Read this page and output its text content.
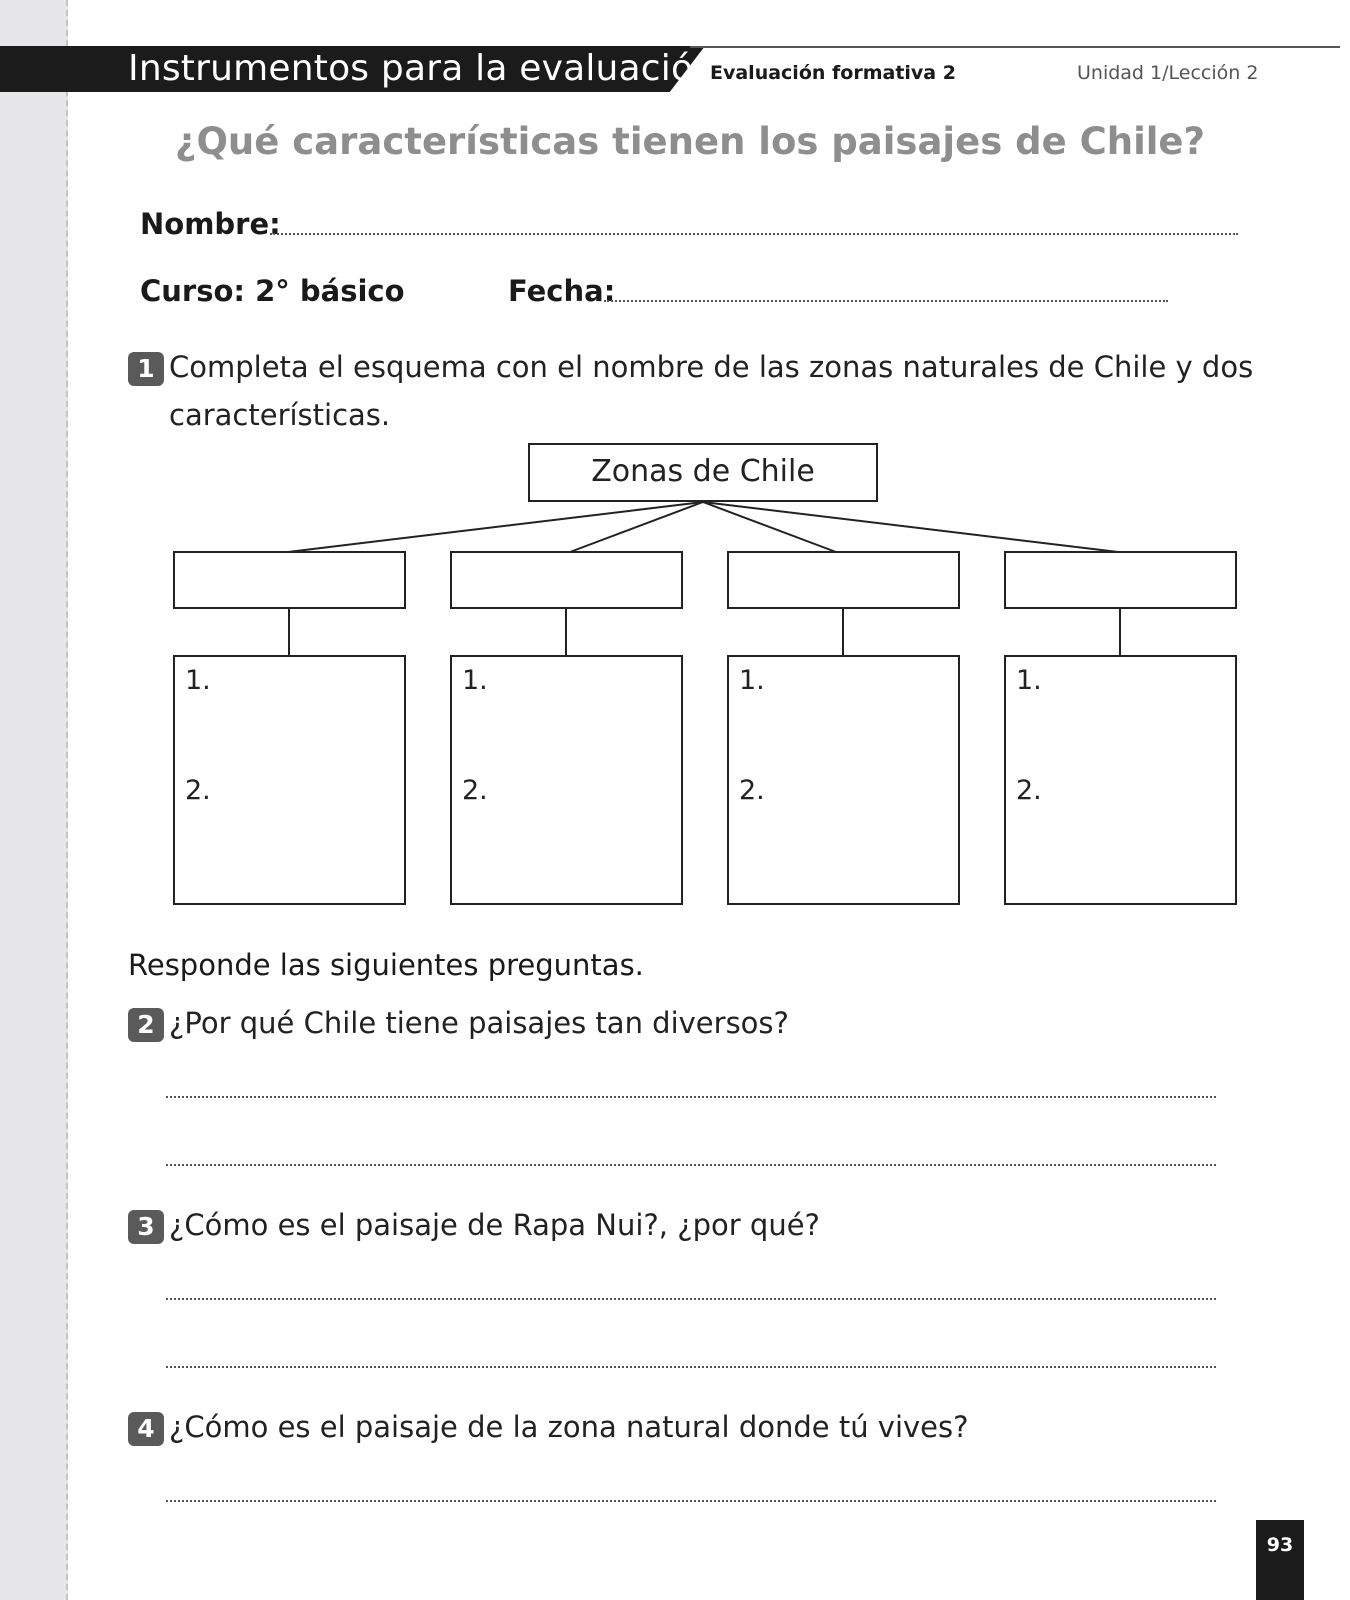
Instrumentos para la evaluación
Evaluación formativa 2	Unidad 1/Lección 2
¿Qué características tienen los paisajes de Chile?
Nombre:
Curso: 2° básico	Fecha:
1 Completa el esquema con el nombre de las zonas naturales de Chile y dos
características.
Zonas de Chile
1.
2.
1.
2.
1.
2.
1.
2.
Responde las siguientes preguntas.
2 ¿Por qué Chile tiene paisajes tan diversos?
3 ¿Cómo es el paisaje de Rapa Nui?, ¿por qué?
4 ¿Cómo es el paisaje de la zona natural donde tú vives?
93
